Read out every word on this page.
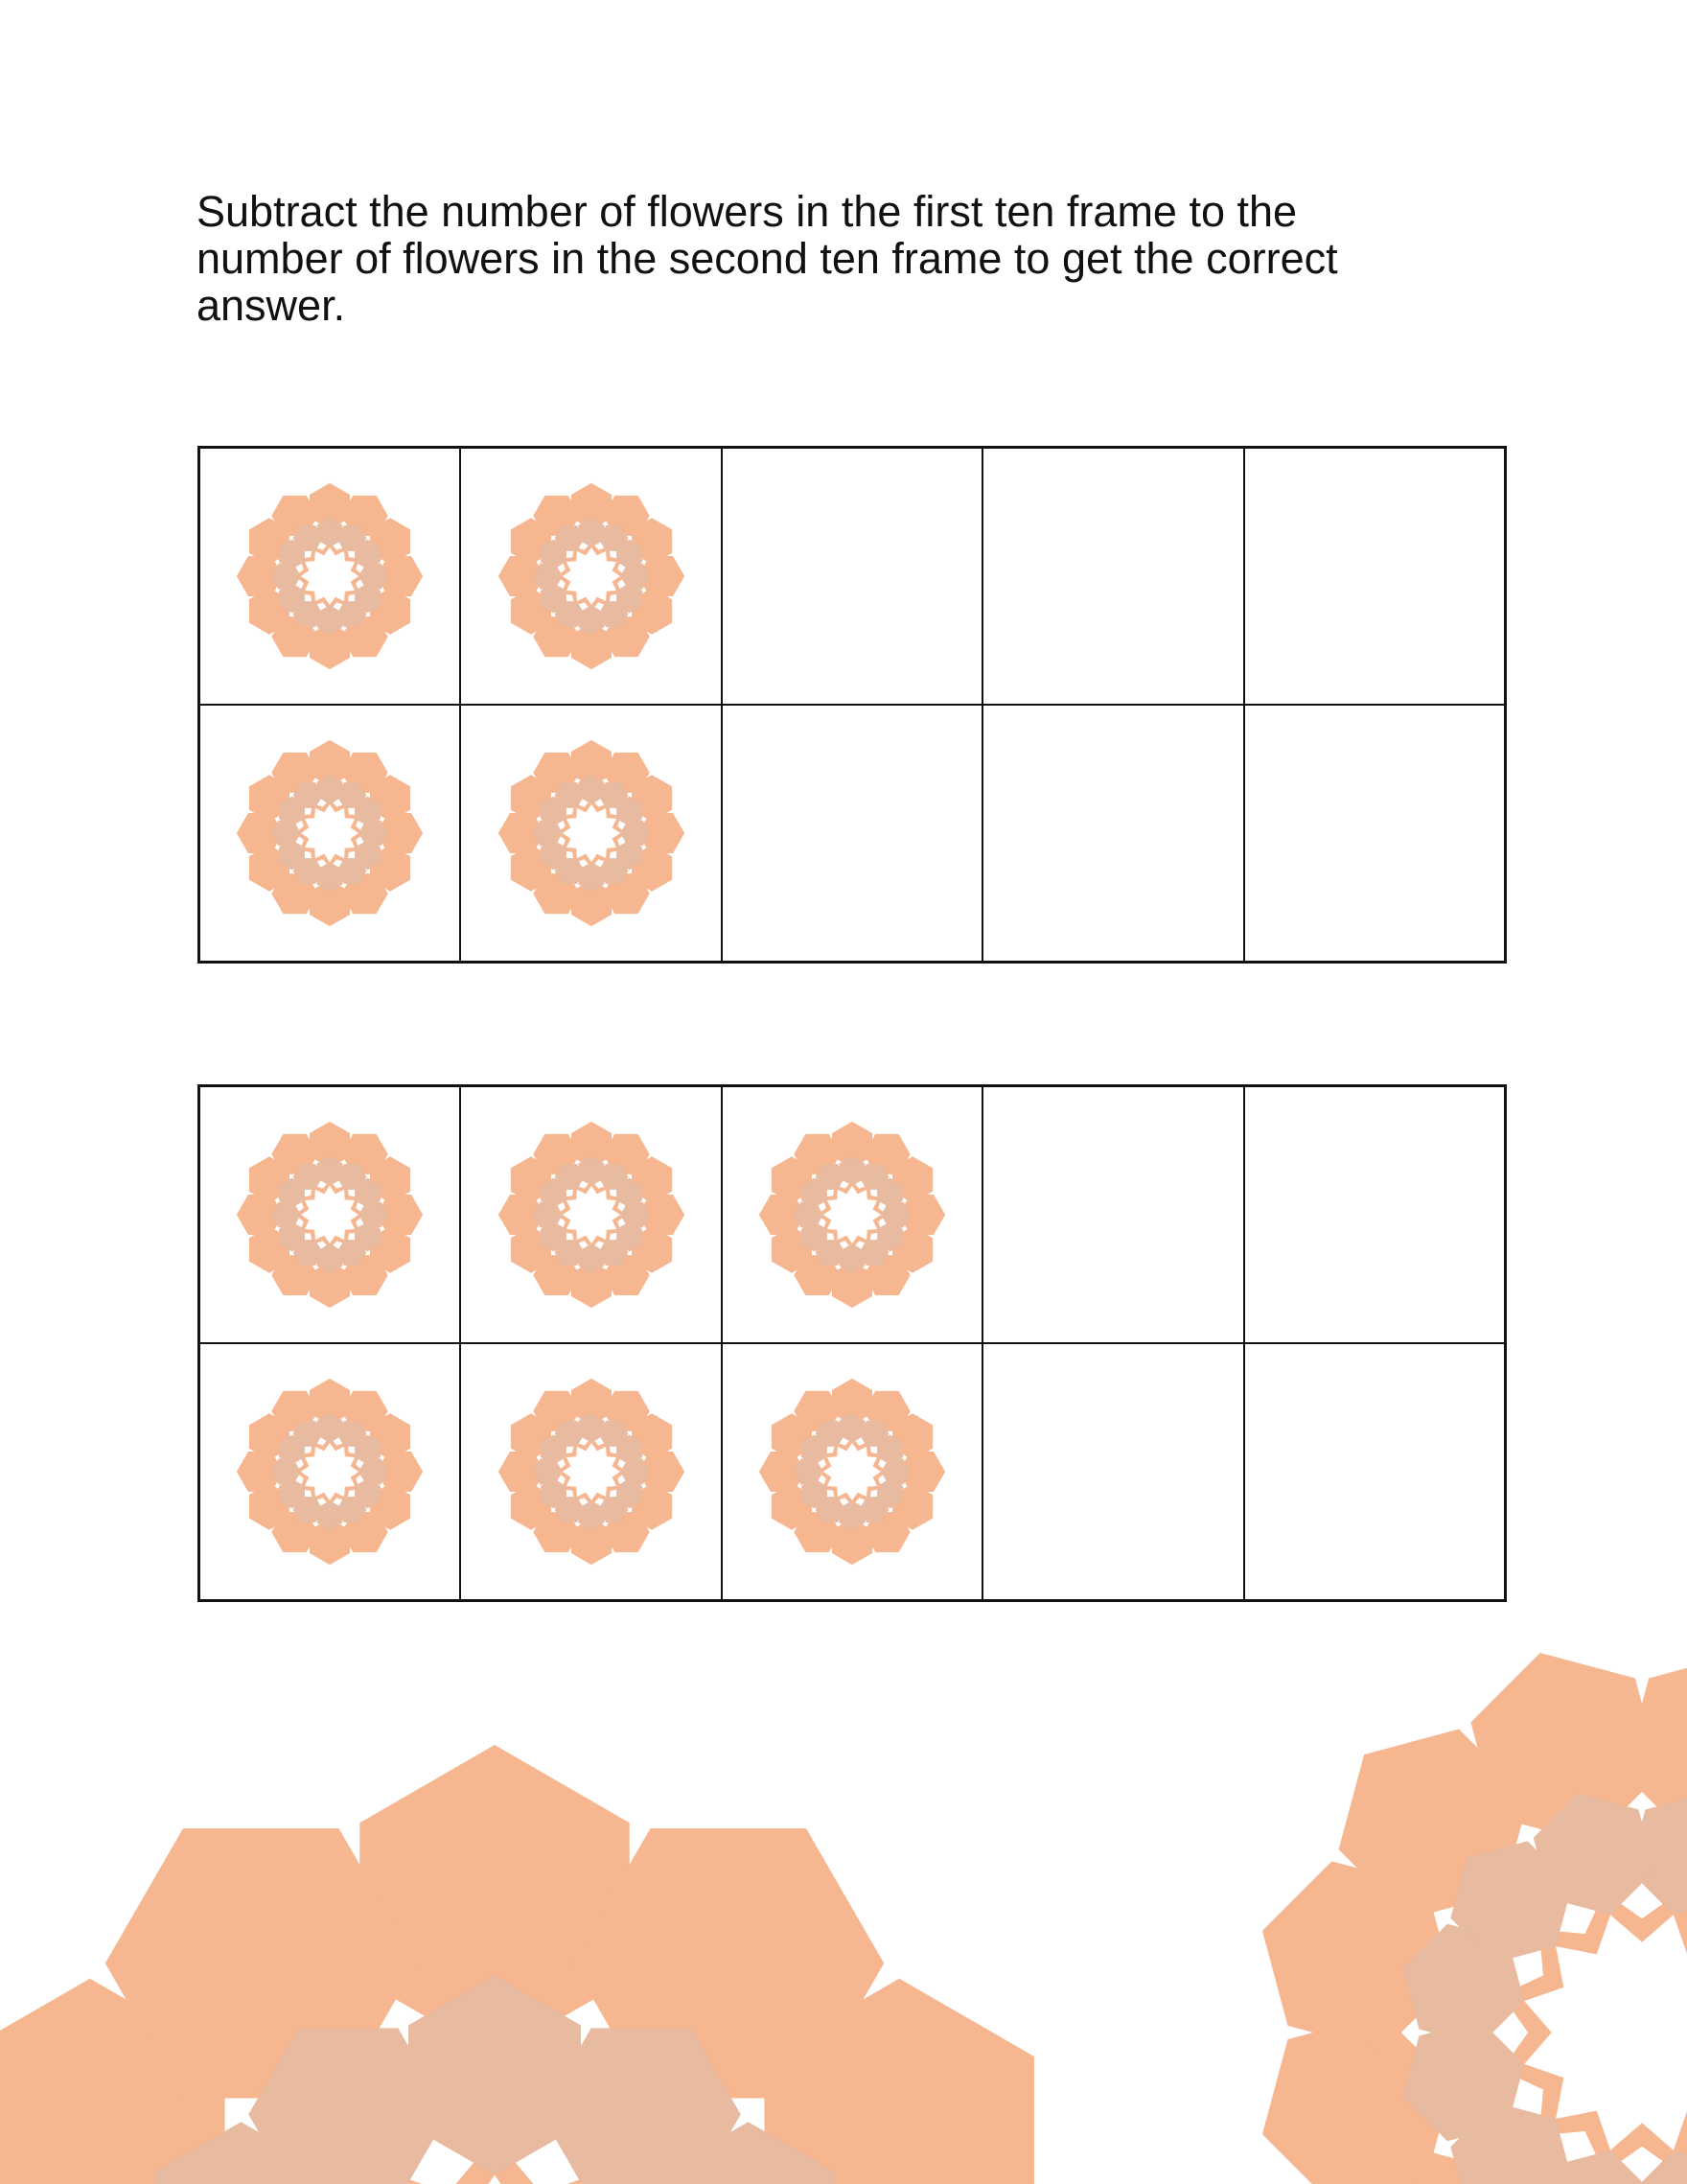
Subtract the number of flowers in the first ten frame to the number of flowers in the second ten frame to get the correct answer.
